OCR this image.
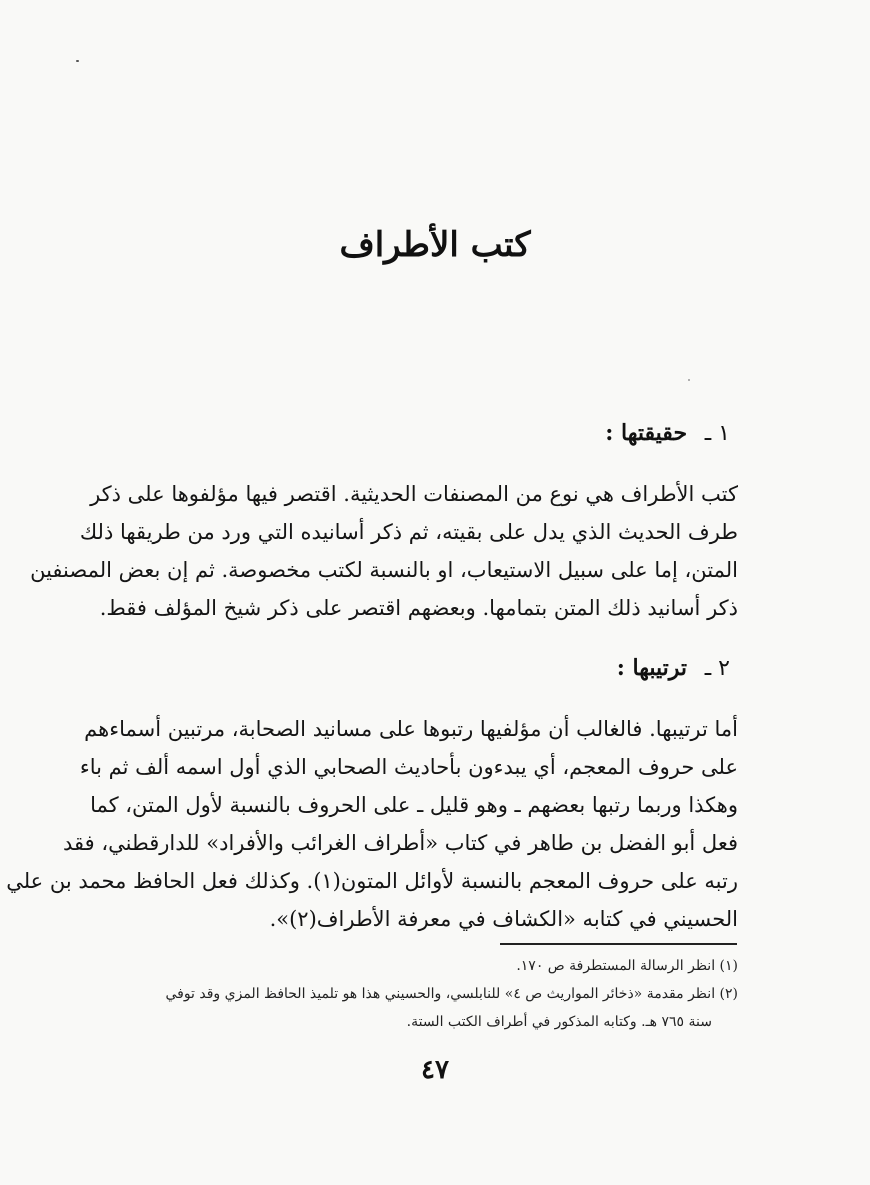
كتب الأطراف
١ ـ حقيقتها :
كتب الأطراف هي نوع من المصنفات الحديثية. اقتصر فيها مؤلفوها على ذكر
طرف الحديث الذي يدل على بقيته، ثم ذكر أسانيده التي ورد من طريقها ذلك
المتن، إما على سبيل الاستيعاب، او بالنسبة لكتب مخصوصة. ثم إن بعض المصنفين
ذكر أسانيد ذلك المتن بتمامها. وبعضهم اقتصر على ذكر شيخ المؤلف فقط.
٢ ـ ترتيبها :
أما ترتيبها. فالغالب أن مؤلفيها رتبوها على مسانيد الصحابة، مرتبين أسماءهم
على حروف المعجم، أي يبدءون بأحاديث الصحابي الذي أول اسمه ألف ثم باء
وهكذا وربما رتبها بعضهم ـ وهو قليل ـ على الحروف بالنسبة لأول المتن، كما
فعل أبو الفضل بن طاهر في كتاب «أطراف الغرائب والأفراد» للدارقطني، فقد
رتبه على حروف المعجم بالنسبة لأوائل المتون(١). وكذلك فعل الحافظ محمد بن علي
الحسيني في كتابه «الكشاف في معرفة الأطراف(٢)».
(١) انظر الرسالة المستطرفة ص ١٧٠.
(٢) انظر مقدمة «ذخائر المواريث ص ٤» للنابلسي، والحسيني هذا هو تلميذ الحافظ المزي وقد توفي
سنة ٧٦٥ هـ. وكتابه المذكور في أطراف الكتب الستة.
٤٧
